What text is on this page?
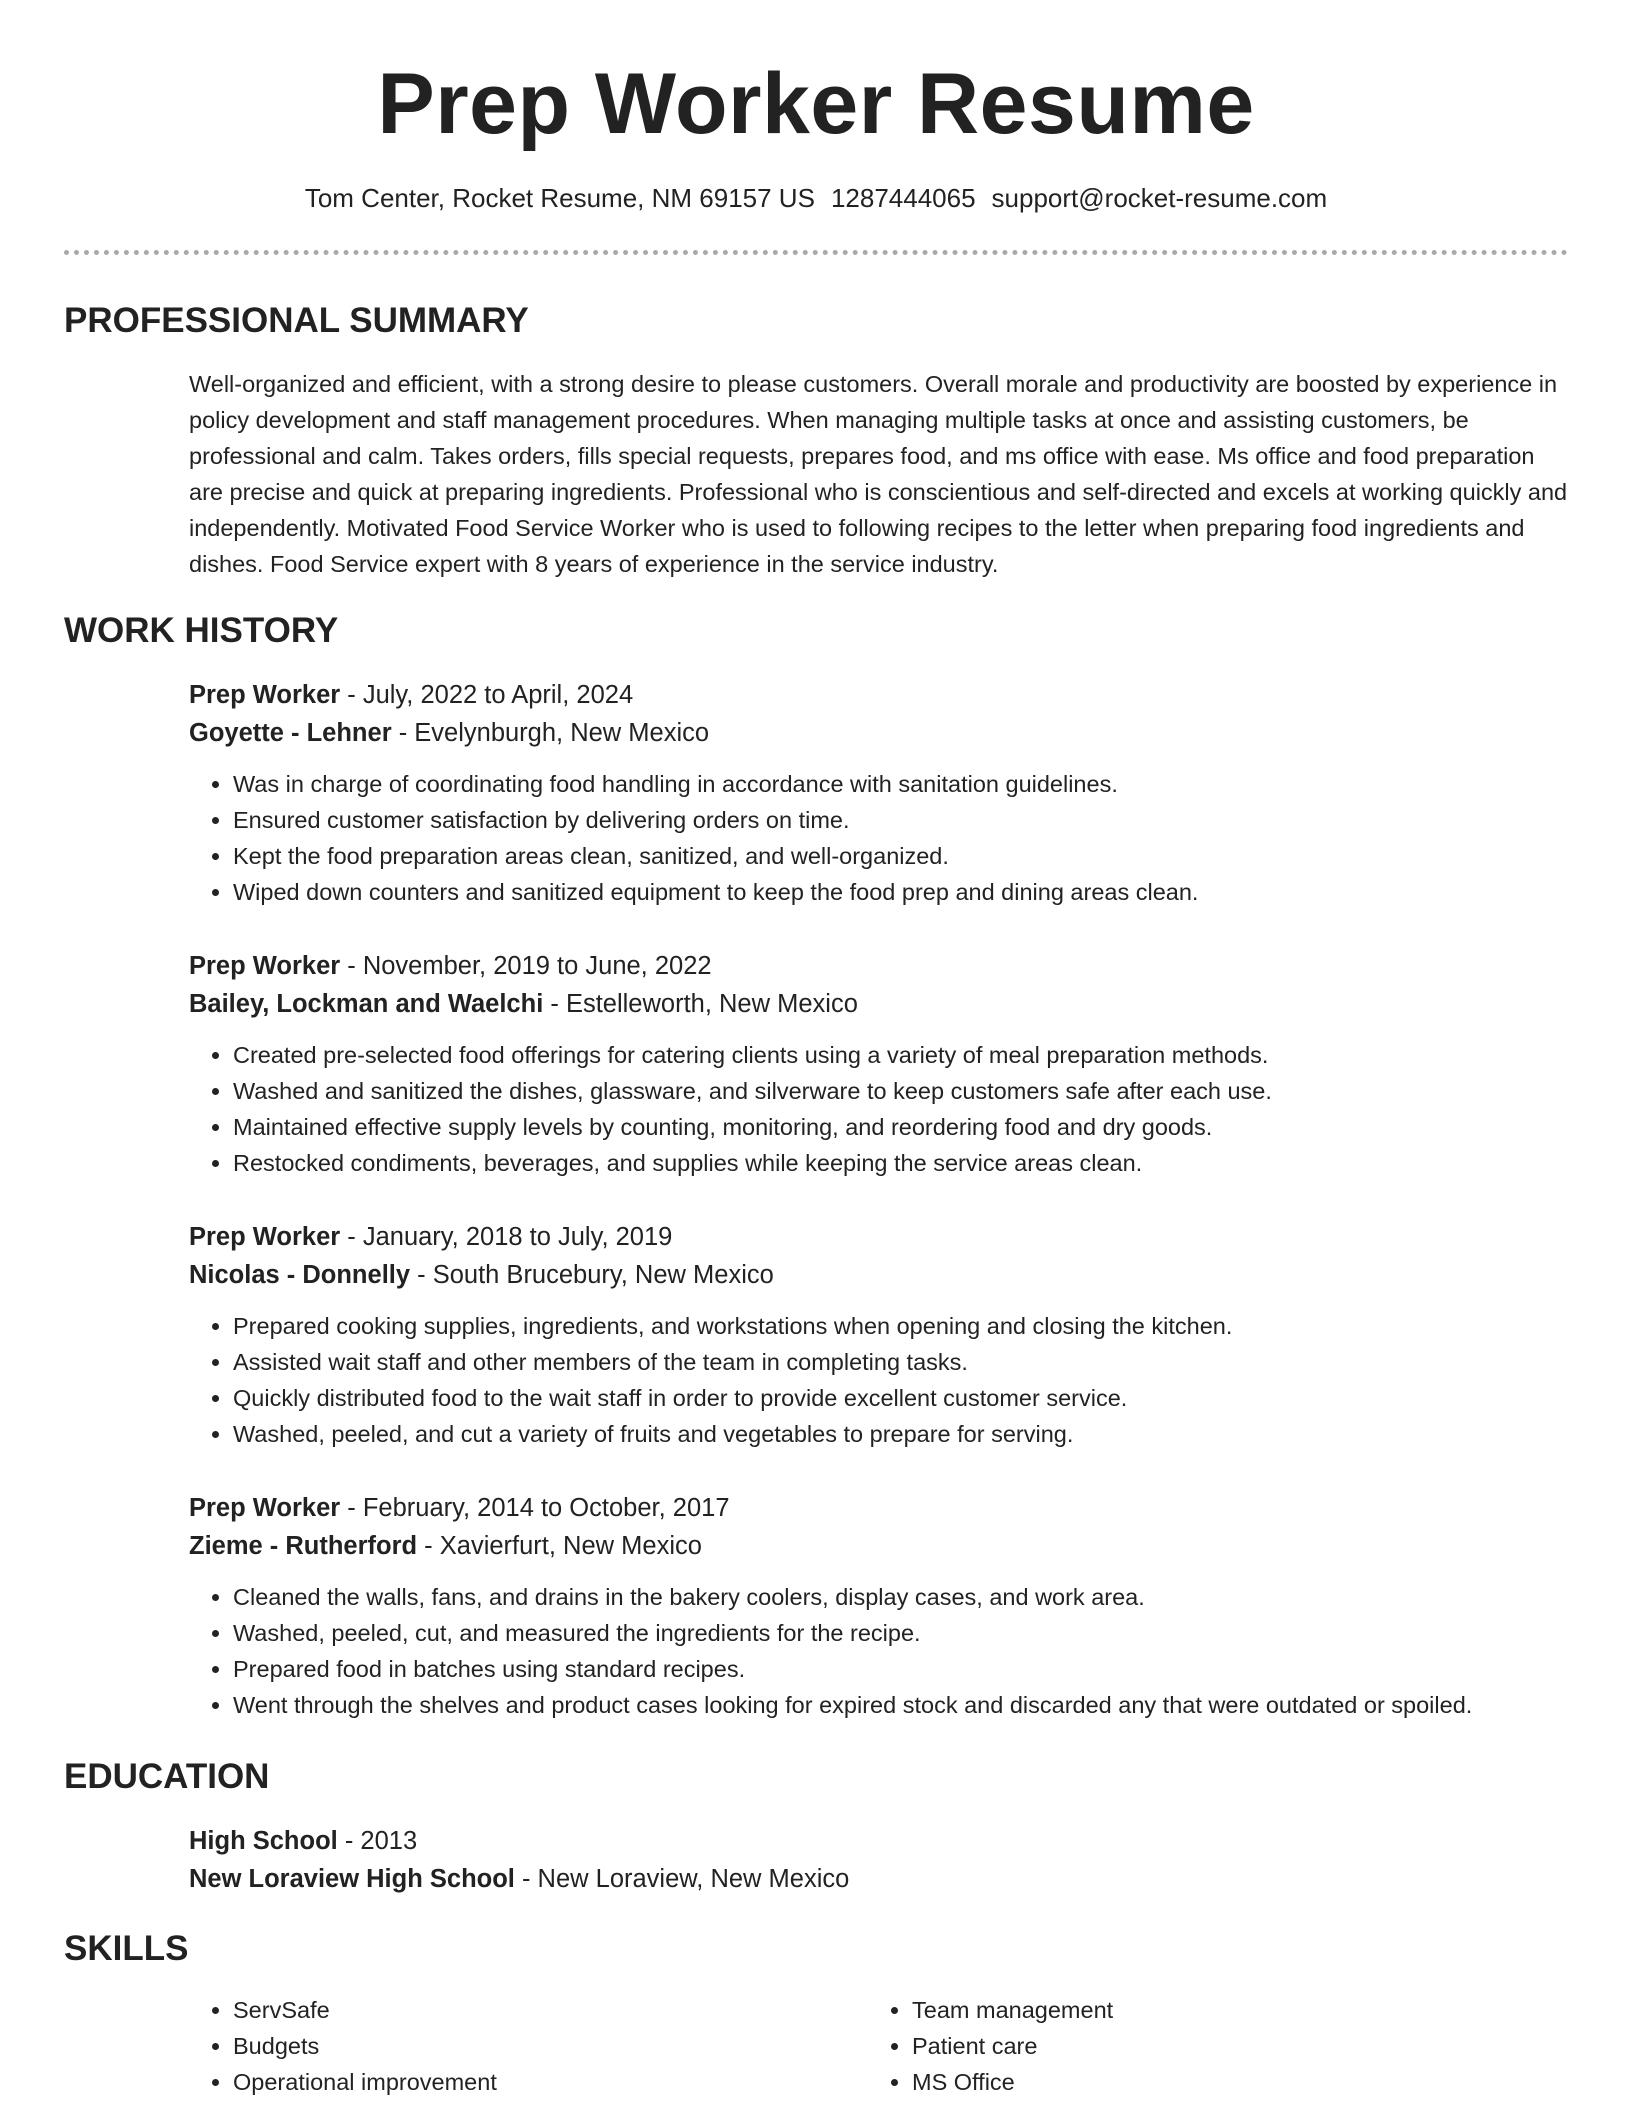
Prep Worker Resume
Tom Center, Rocket Resume, NM 69157 US 1287444065 support@rocket-resume.com
PROFESSIONAL SUMMARY

Well-organized and efficient, with a strong desire to please customers. Overall morale and productivity are boosted by experience in policy development and staff management procedures. When managing multiple tasks at once and assisting customers, be professional and calm. Takes orders, fills special requests, prepares food, and ms office with ease. Ms office and food preparation are precise and quick at preparing ingredients. Professional who is conscientious and self-directed and excels at working quickly and independently. Motivated Food Service Worker who is used to following recipes to the letter when preparing food ingredients and dishes. Food Service expert with 8 years of experience in the service industry.

WORK HISTORY
Prep Worker - July, 2022 to April, 2024
Goyette - Lehner - Evelynburgh, New Mexico
• Was in charge of coordinating food handling in accordance with sanitation guidelines.
• Ensured customer satisfaction by delivering orders on time.
• Kept the food preparation areas clean, sanitized, and well-organized.
• Wiped down counters and sanitized equipment to keep the food prep and dining areas clean.
Prep Worker - November, 2019 to June, 2022
Bailey, Lockman and Waelchi - Estelleworth, New Mexico
• Created pre-selected food offerings for catering clients using a variety of meal preparation methods.
• Washed and sanitized the dishes, glassware, and silverware to keep customers safe after each use.
• Maintained effective supply levels by counting, monitoring, and reordering food and dry goods.
• Restocked condiments, beverages, and supplies while keeping the service areas clean.
Prep Worker - January, 2018 to July, 2019
Nicolas - Donnelly - South Brucebury, New Mexico
• Prepared cooking supplies, ingredients, and workstations when opening and closing the kitchen.
• Assisted wait staff and other members of the team in completing tasks.
• Quickly distributed food to the wait staff in order to provide excellent customer service.
• Washed, peeled, and cut a variety of fruits and vegetables to prepare for serving.
Prep Worker - February, 2014 to October, 2017
Zieme - Rutherford - Xavierfurt, New Mexico
• Cleaned the walls, fans, and drains in the bakery coolers, display cases, and work area.
• Washed, peeled, cut, and measured the ingredients for the recipe.
• Prepared food in batches using standard recipes.
• Went through the shelves and product cases looking for expired stock and discarded any that were outdated or spoiled.
EDUCATION
High School - 2013
New Loraview High School - New Loraview, New Mexico
SKILLS
• ServSafe
• Budgets
• Operational improvement
• Team management
• Patient care
• MS Office
